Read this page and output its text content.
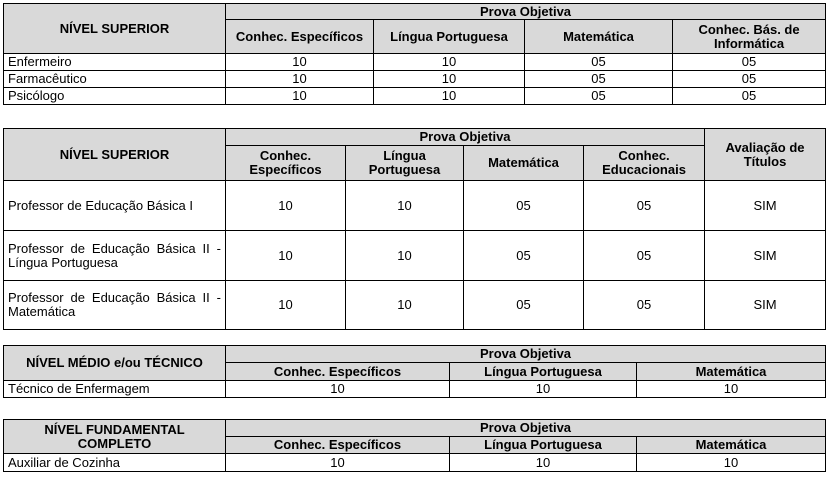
NÍVEL SUPERIOR	Prova Objetiva			
	Conhec. Específicos	Língua Portuguesa	Matemática	Conhec. Bás. de Informática
Enfermeiro	10	10	05	05
Farmacêutico	10	10	05	05
Psicólogo	10	10	05	05
NÍVEL SUPERIOR	Prova Objetiva				Avaliação de Títulos
	Conhec. Específicos	Língua Portuguesa	Matemática	Conhec. Educacionais	
Professor de Educação Básica I	10	10	05	05	SIM
Professor de Educação Básica II - Língua Portuguesa	10	10	05	05	SIM
Professor de Educação Básica II - Matemática	10	10	05	05	SIM
NÍVEL MÉDIO e/ou TÉCNICO	Prova Objetiva		
	Conhec. Específicos	Língua Portuguesa	Matemática
Técnico de Enfermagem	10	10	10
NÍVEL FUNDAMENTAL COMPLETO	Prova Objetiva		
	Conhec. Específicos	Língua Portuguesa	Matemática
Auxiliar de Cozinha	10	10	10
